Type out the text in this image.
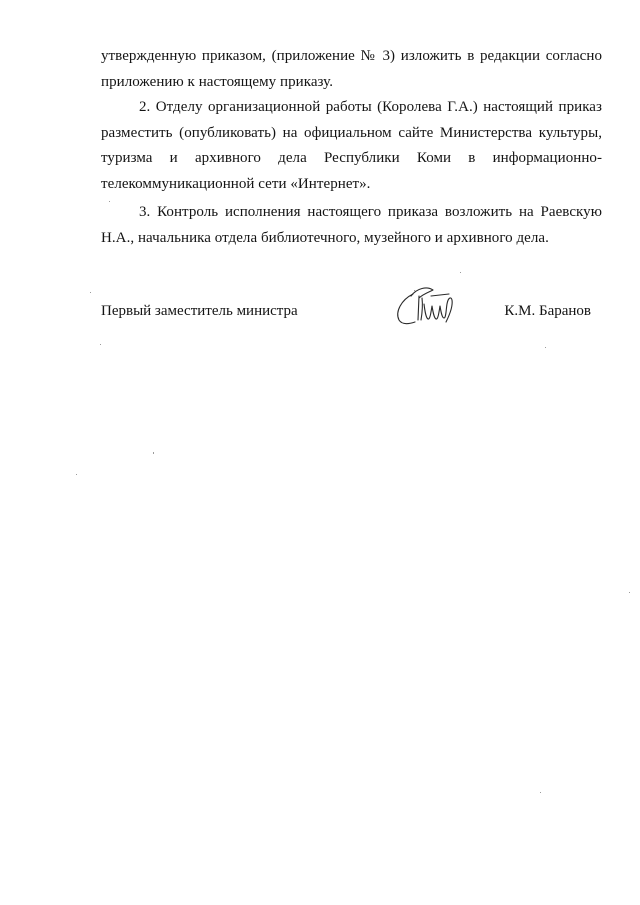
утвержденную приказом, (приложение № 3) изложить в редакции согласно
приложению к настоящему приказу.
2. Отделу организационной работы (Королева Г.А.) настоящий приказ
разместить (опубликовать) на официальном сайте Министерства культуры,
туризма и архивного дела Республики Коми в информационно-
телекоммуникационной сети «Интернет».
3. Контроль исполнения настоящего приказа возложить на Раевскую
Н.А., начальника отдела библиотечного, музейного и архивного дела.
Первый заместитель министра	К.М. Баранов
